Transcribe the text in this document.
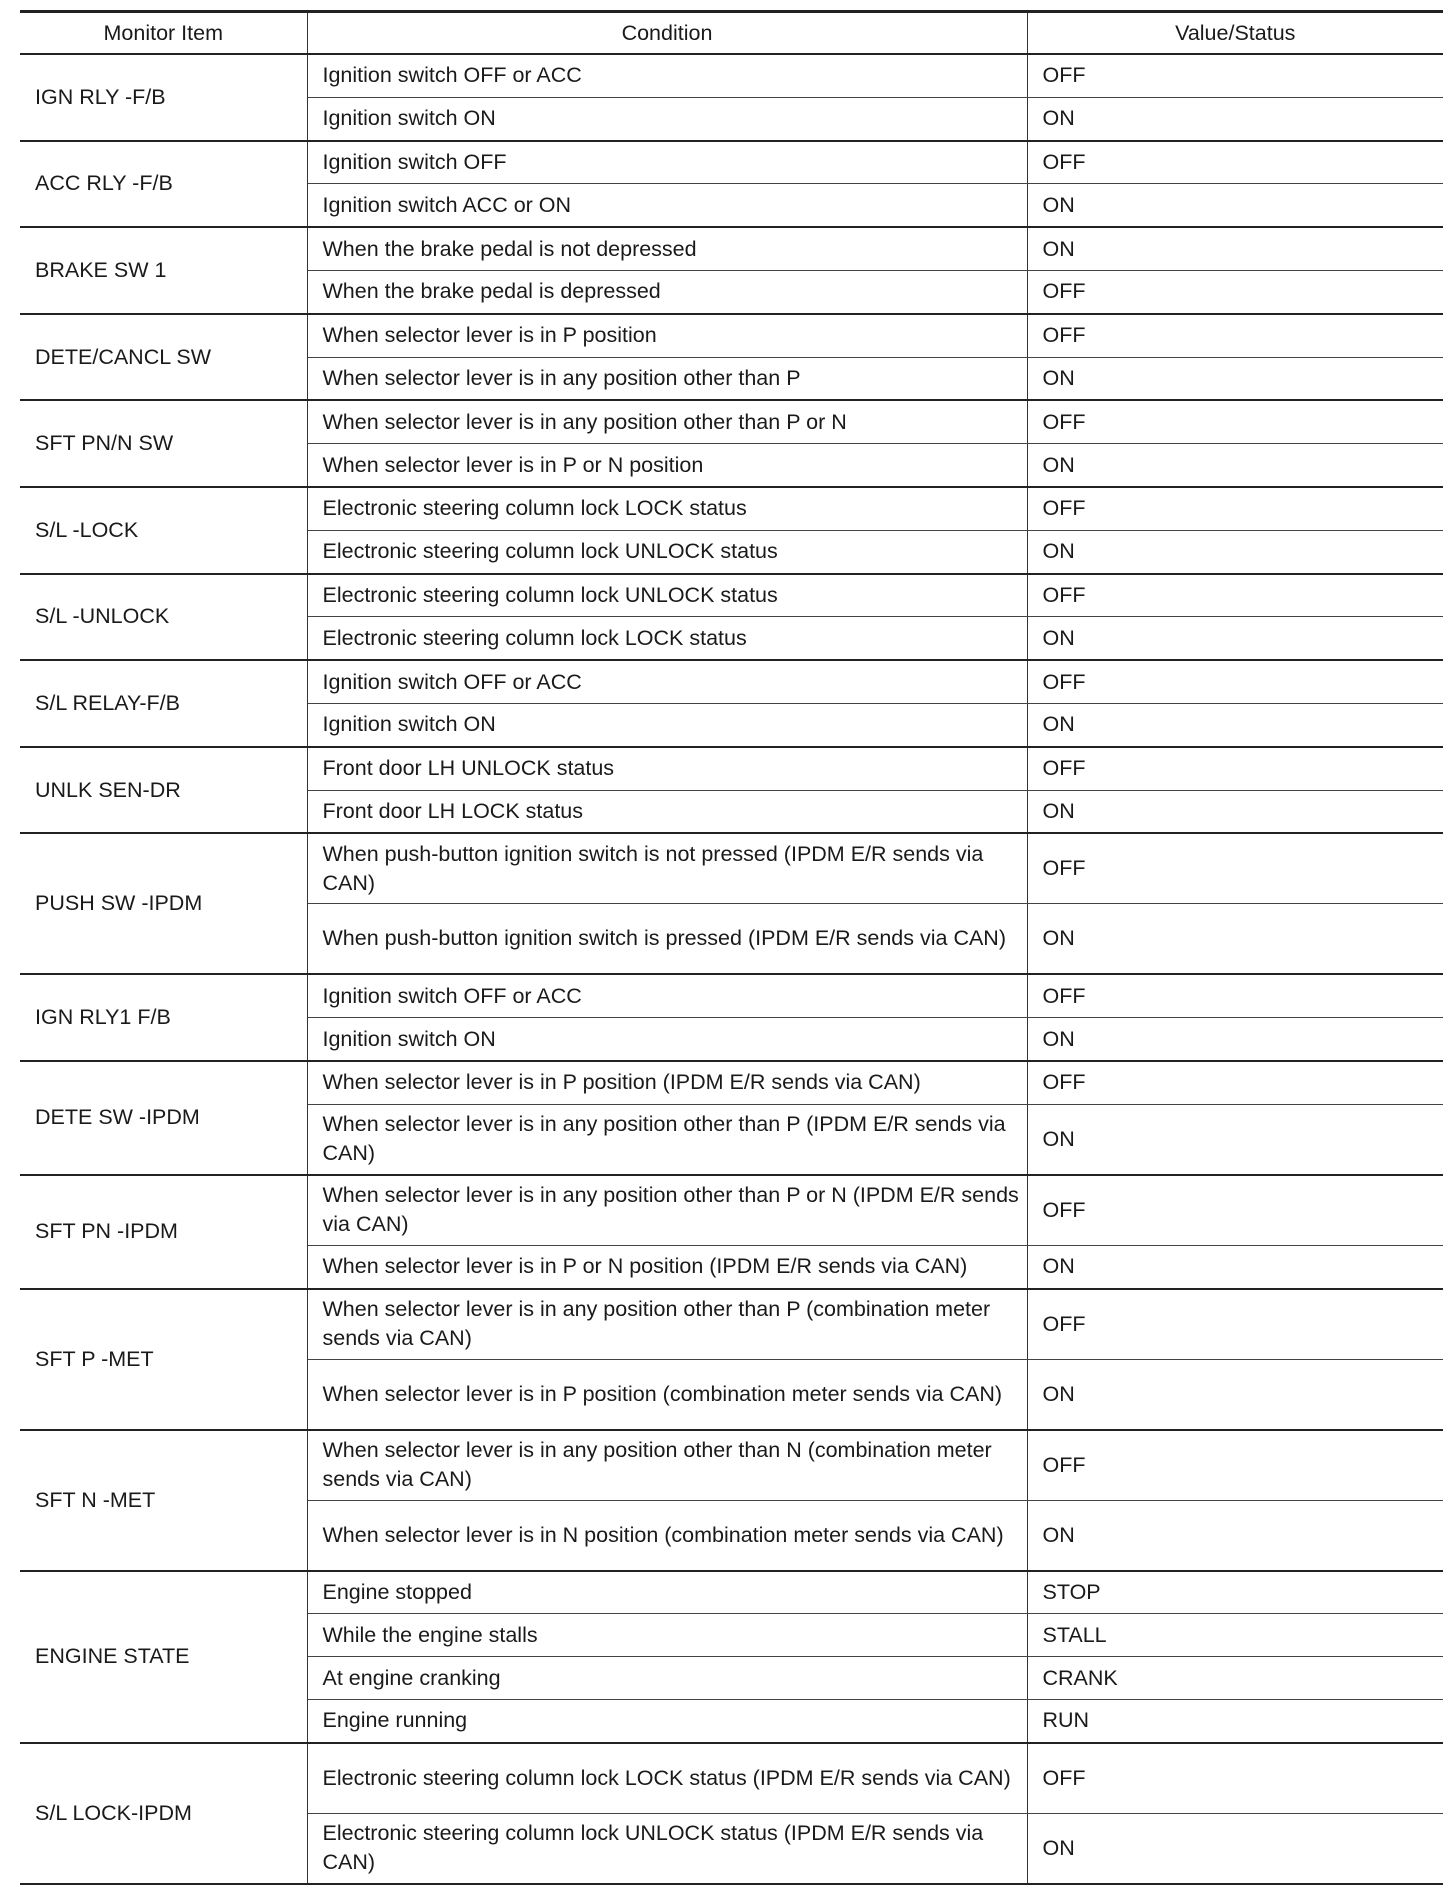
Monitor Item	Condition	Value/Status
IGN RLY -F/B	Ignition switch OFF or ACC	OFF
	Ignition switch ON	ON
ACC RLY -F/B	Ignition switch OFF	OFF
	Ignition switch ACC or ON	ON
BRAKE SW 1	When the brake pedal is not depressed	ON
	When the brake pedal is depressed	OFF
DETE/CANCL SW	When selector lever is in P position	OFF
	When selector lever is in any position other than P	ON
SFT PN/N SW	When selector lever is in any position other than P or N	OFF
	When selector lever is in P or N position	ON
S/L -LOCK	Electronic steering column lock LOCK status	OFF
	Electronic steering column lock UNLOCK status	ON
S/L -UNLOCK	Electronic steering column lock UNLOCK status	OFF
	Electronic steering column lock LOCK status	ON
S/L RELAY-F/B	Ignition switch OFF or ACC	OFF
	Ignition switch ON	ON
UNLK SEN-DR	Front door LH UNLOCK status	OFF
	Front door LH LOCK status	ON
PUSH SW -IPDM	When push-button ignition switch is not pressed (IPDM E/R sends via CAN)	OFF
	When push-button ignition switch is pressed (IPDM E/R sends via CAN)	ON
IGN RLY1 F/B	Ignition switch OFF or ACC	OFF
	Ignition switch ON	ON
DETE SW -IPDM	When selector lever is in P position (IPDM E/R sends via CAN)	OFF
	When selector lever is in any position other than P (IPDM E/R sends via CAN)	ON
SFT PN -IPDM	When selector lever is in any position other than P or N (IPDM E/R sends via CAN)	OFF
	When selector lever is in P or N position (IPDM E/R sends via CAN)	ON
SFT P -MET	When selector lever is in any position other than P (combination meter sends via CAN)	OFF
	When selector lever is in P position (combination meter sends via CAN)	ON
SFT N -MET	When selector lever is in any position other than N (combination meter sends via CAN)	OFF
	When selector lever is in N position (combination meter sends via CAN)	ON
ENGINE STATE	Engine stopped	STOP
	While the engine stalls	STALL
	At engine cranking	CRANK
	Engine running	RUN
S/L LOCK-IPDM	Electronic steering column lock LOCK status (IPDM E/R sends via CAN)	OFF
	Electronic steering column lock UNLOCK status (IPDM E/R sends via CAN)	ON
